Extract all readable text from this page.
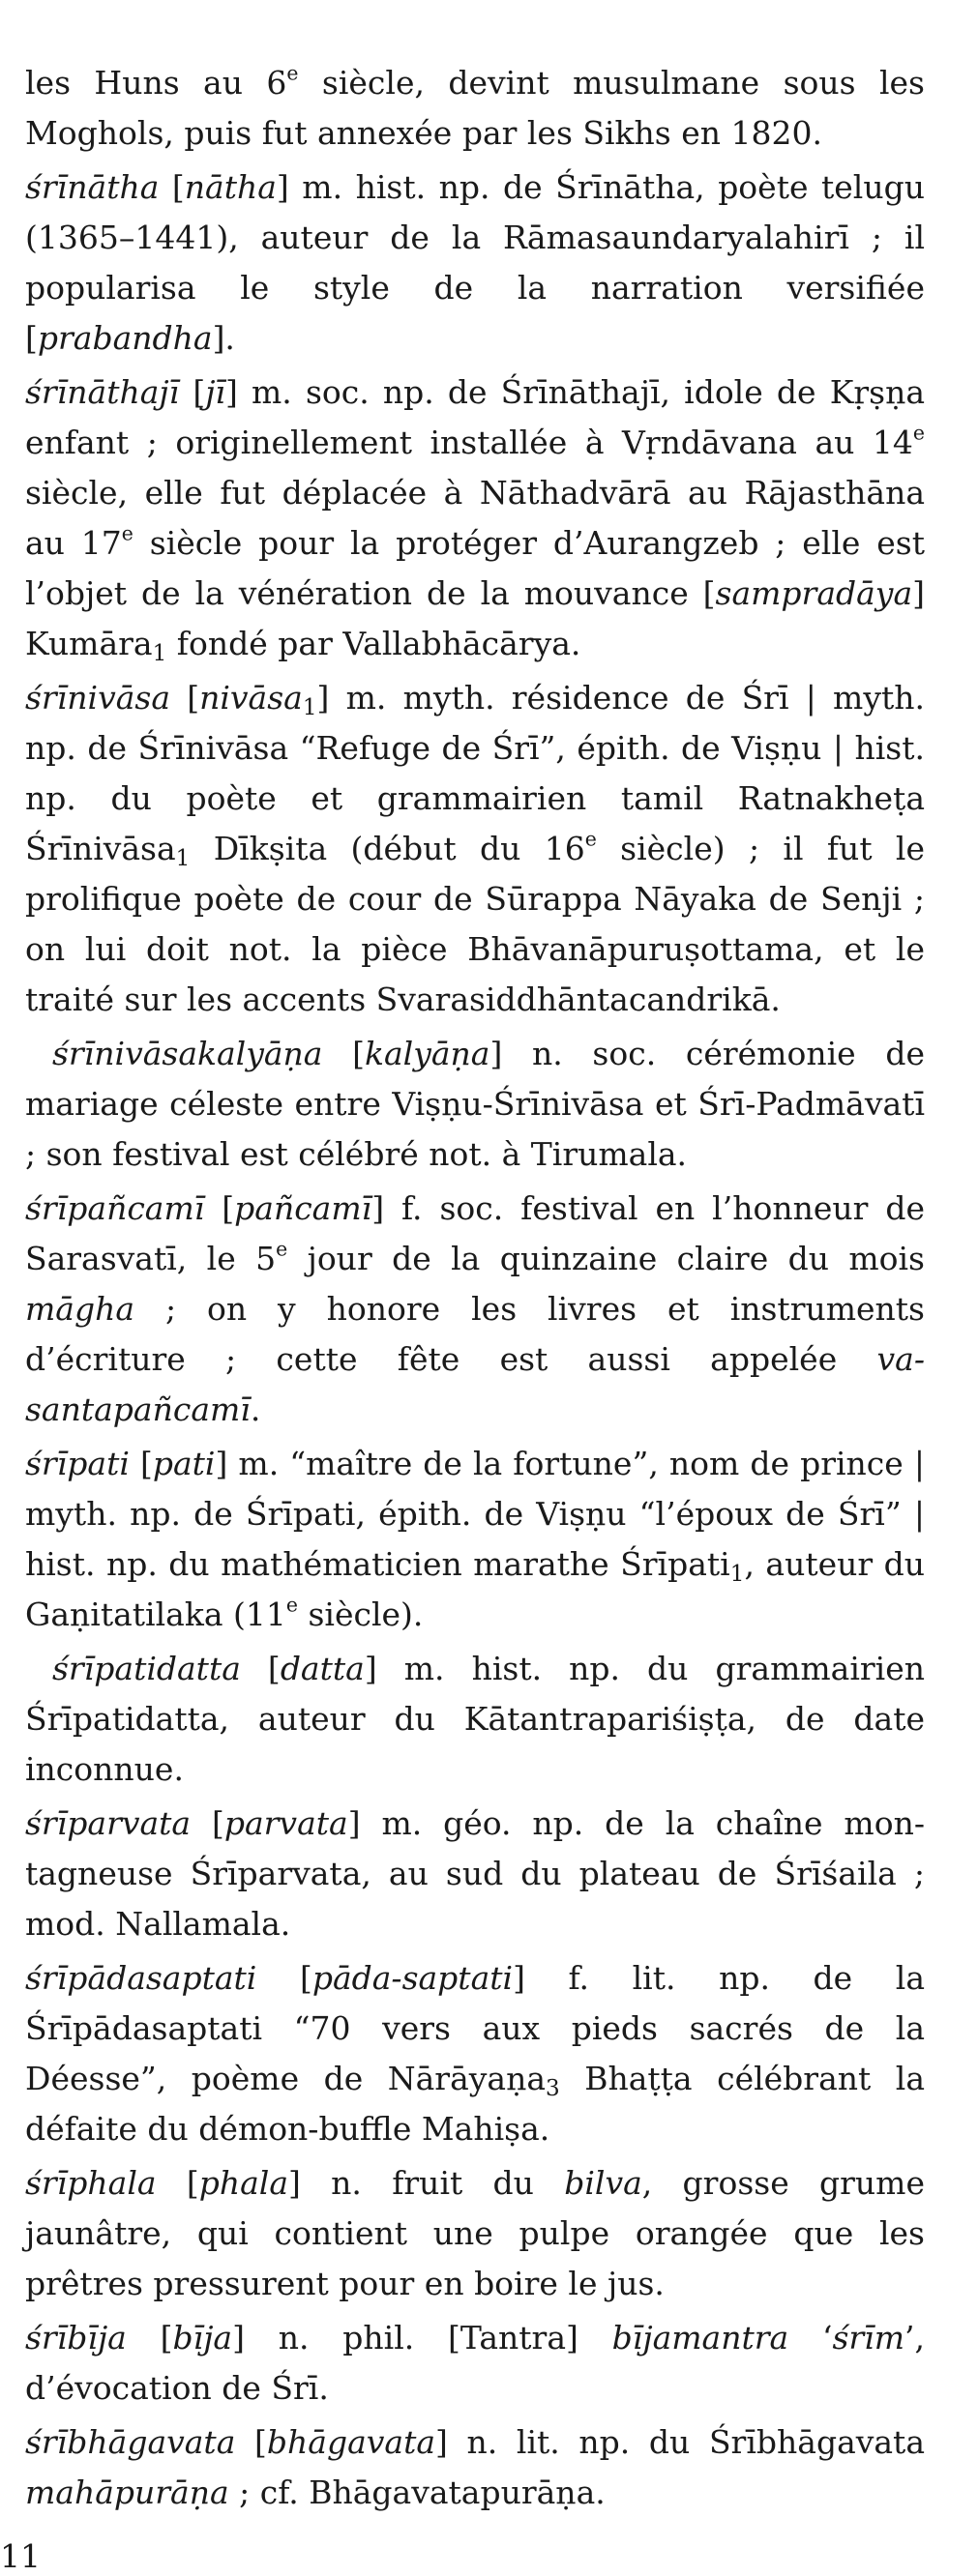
les Huns au 6e siècle, devint musulmane sous les Moghols, puis fut annexée par les Sikhs en 1820.

śrīnātha [nātha] m. hist. np. de Śrīnātha, poète telugu (1365–1441), auteur de la Rāmasaundaryalahirī ; il popularisa le style de la narration versifiée [prabandha].

śrīnāthajī [jī] m. soc. np. de Śrīnāthajī, idole de Kṛṣṇa enfant ; originellement installée à Vṛndāvana au 14e siècle, elle fut déplacée à Nāthadvārā au Rājasthāna au 17e siècle pour la protéger d’Aurangzeb ; elle est l’objet de la vénération de la mouvance [sampradāya] Kumāra$_1$ fondé par Vallabhācārya.

śrīnivāsa [nivāsa$_1$] m. myth. résidence de Śrī | myth. np. de Śrīnivāsa “Refuge de Śrī”, épith. de Viṣṇu | hist. np. du poète et grammairien tamil Ratnakheṭa Śrīnivāsa$_1$ Dīkṣita (début du 16e siècle) ; il fut le prolifique poète de cour de Sūrappa Nāyaka de Senji ; on lui doit not. la pièce Bhāvanāpuruṣottama, et le traité sur les accents Svarasiddhāntacandrikā.

śrīnivāsakalyāṇa [kalyāṇa] n. soc. cérémonie de mariage céleste entre Viṣṇu-Śrīnivāsa et Śrī-Padmāvatī ; son festival est célébré not. à Tirumala.

śrīpañcamī [pañcamī] f. soc. festival en l’honneur de Sarasvatī, le 5e jour de la quinzaine claire du mois māgha ; on y honore les livres et instruments d’écriture ; cette fête est aussi appelée vasantapañcamī.

śrīpati [pati] m. “maître de la fortune”, nom de prince | myth. np. de Śrīpati, épith. de Viṣṇu “l’époux de Śrī” | hist. np. du mathématicien marathe Śrīpati$_1$, auteur du Gaṇitatilaka (11e siècle).

śrīpatidatta [datta] m. hist. np. du grammairien Śrīpatidatta, auteur du Kātantrapariśiṣṭa, de date inconnue.

śrīparvata [parvata] m. géo. np. de la chaîne montagneuse Śrīparvata, au sud du plateau de Śrīśaila ; mod. Nallamala.

śrīpādasaptati [pāda-saptati] f. lit. np. de la Śrīpādasaptati “70 vers aux pieds sacrés de la Déesse”, poème de Nārāyaṇa$_3$ Bhaṭṭa célébrant la défaite du démon-buffle Mahiṣa.

śrīphala [phala] n. fruit du bilva, grosse grume jaunâtre, qui contient une pulpe orangée que les prêtres pressurent pour en boire le jus.

śrībīja [bīja] n. phil. [Tantra] bījamantra ‘śrīm’, d’évocation de Śrī.

śrībhāgavata [bhāgavata] n. lit. np. du Śrībhāgavata mahāpurāṇa ; cf. Bhāgavatapurāṇa.

11
